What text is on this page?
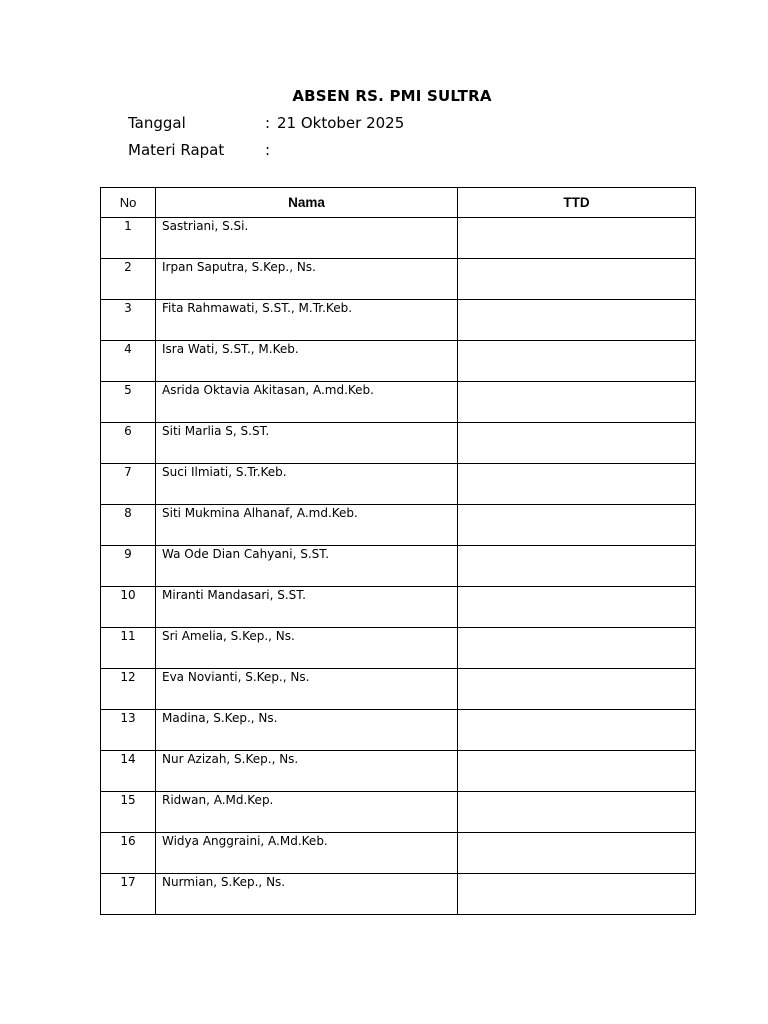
ABSEN RS. PMI SULTRA
Tanggal	: 21 Oktober 2025
Materi Rapat	:
No	Nama	TTD
1	Sastriani, S.Si.	
2	Irpan Saputra, S.Kep., Ns.	
3	Fita Rahmawati, S.ST., M.Tr.Keb.	
4	Isra Wati, S.ST., M.Keb.	
5	Asrida Oktavia Akitasan, A.md.Keb.	
6	Siti Marlia S, S.ST.	
7	Suci Ilmiati, S.Tr.Keb.	
8	Siti Mukmina Alhanaf, A.md.Keb.	
9	Wa Ode Dian Cahyani, S.ST.	
10	Miranti Mandasari, S.ST.	
11	Sri Amelia, S.Kep., Ns.	
12	Eva Novianti, S.Kep., Ns.	
13	Madina, S.Kep., Ns.	
14	Nur Azizah, S.Kep., Ns.	
15	Ridwan, A.Md.Kep.	
16	Widya Anggraini, A.Md.Keb.	
17	Nurmian, S.Kep., Ns.	
